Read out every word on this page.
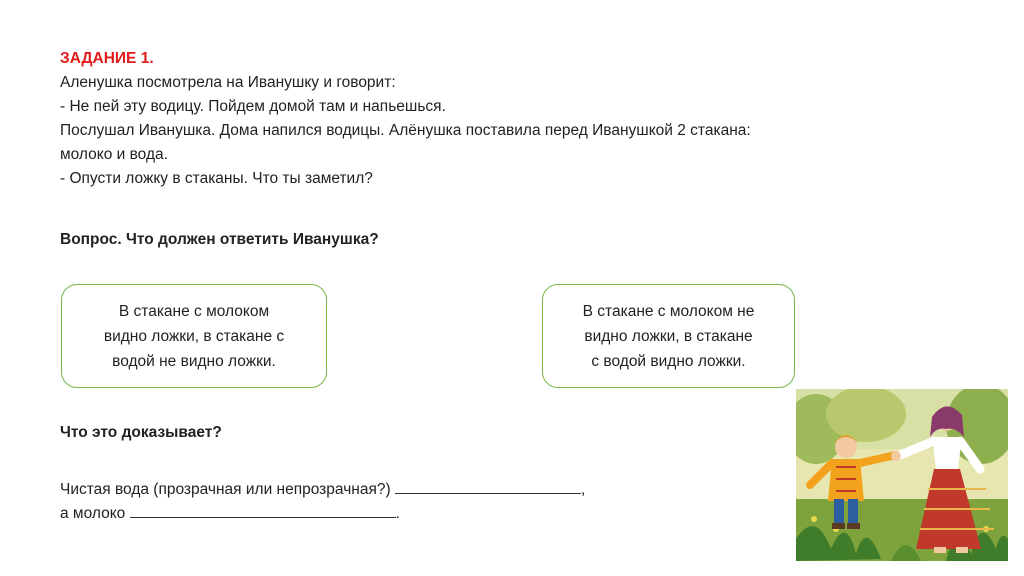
ЗАДАНИЕ 1.
Аленушка посмотрела на Иванушку и говорит:
- Не пей эту водицу. Пойдем домой там и напьешься.
Послушал Иванушка. Дома напился водицы. Алёнушка поставила перед Иванушкой 2 стакана:
молоко и вода.
- Опусти ложку в стаканы. Что ты заметил?
Вопрос. Что должен ответить Иванушка?
В стакане с молоком
видно ложки, в стакане с
водой не видно ложки.
В стакане с молоком не
видно ложки, в стакане
с водой видно ложки.
Что это доказывает?
Чистая вода (прозрачная или непрозрачная?)	,
а молоко	.
